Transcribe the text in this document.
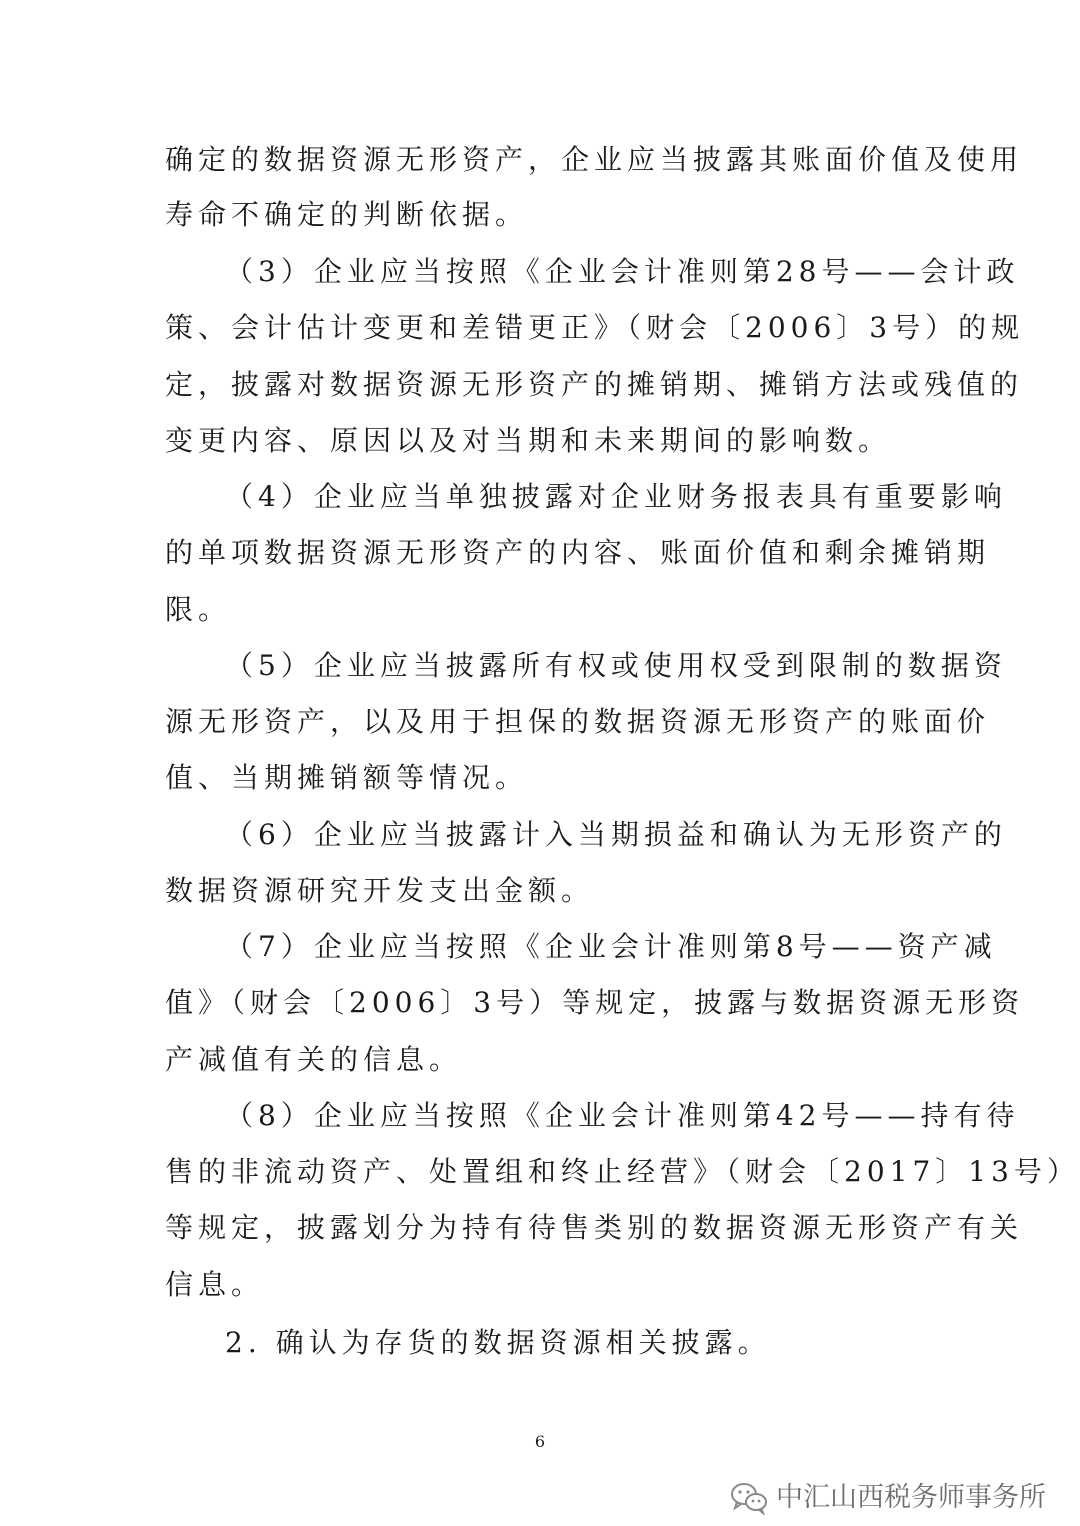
确定的数据资源无形资产，企业应当披露其账面价值及使用
寿命不确定的判断依据。
（3）企业应当按照《企业会计准则第28号——会计政
策、会计估计变更和差错更正》（财会〔2006〕3号）的规
定，披露对数据资源无形资产的摊销期、摊销方法或残值的
变更内容、原因以及对当期和未来期间的影响数。
（4）企业应当单独披露对企业财务报表具有重要影响
的单项数据资源无形资产的内容、账面价值和剩余摊销期
限。
（5）企业应当披露所有权或使用权受到限制的数据资
源无形资产，以及用于担保的数据资源无形资产的账面价
值、当期摊销额等情况。
（6）企业应当披露计入当期损益和确认为无形资产的
数据资源研究开发支出金额。
（7）企业应当按照《企业会计准则第8号——资产减
值》（财会〔2006〕3号）等规定，披露与数据资源无形资
产减值有关的信息。
（8）企业应当按照《企业会计准则第42号——持有待
售的非流动资产、处置组和终止经营》（财会〔2017〕13号）
等规定，披露划分为持有待售类别的数据资源无形资产有关
信息。
2. 确认为存货的数据资源相关披露。
6
中汇山西税务师事务所
